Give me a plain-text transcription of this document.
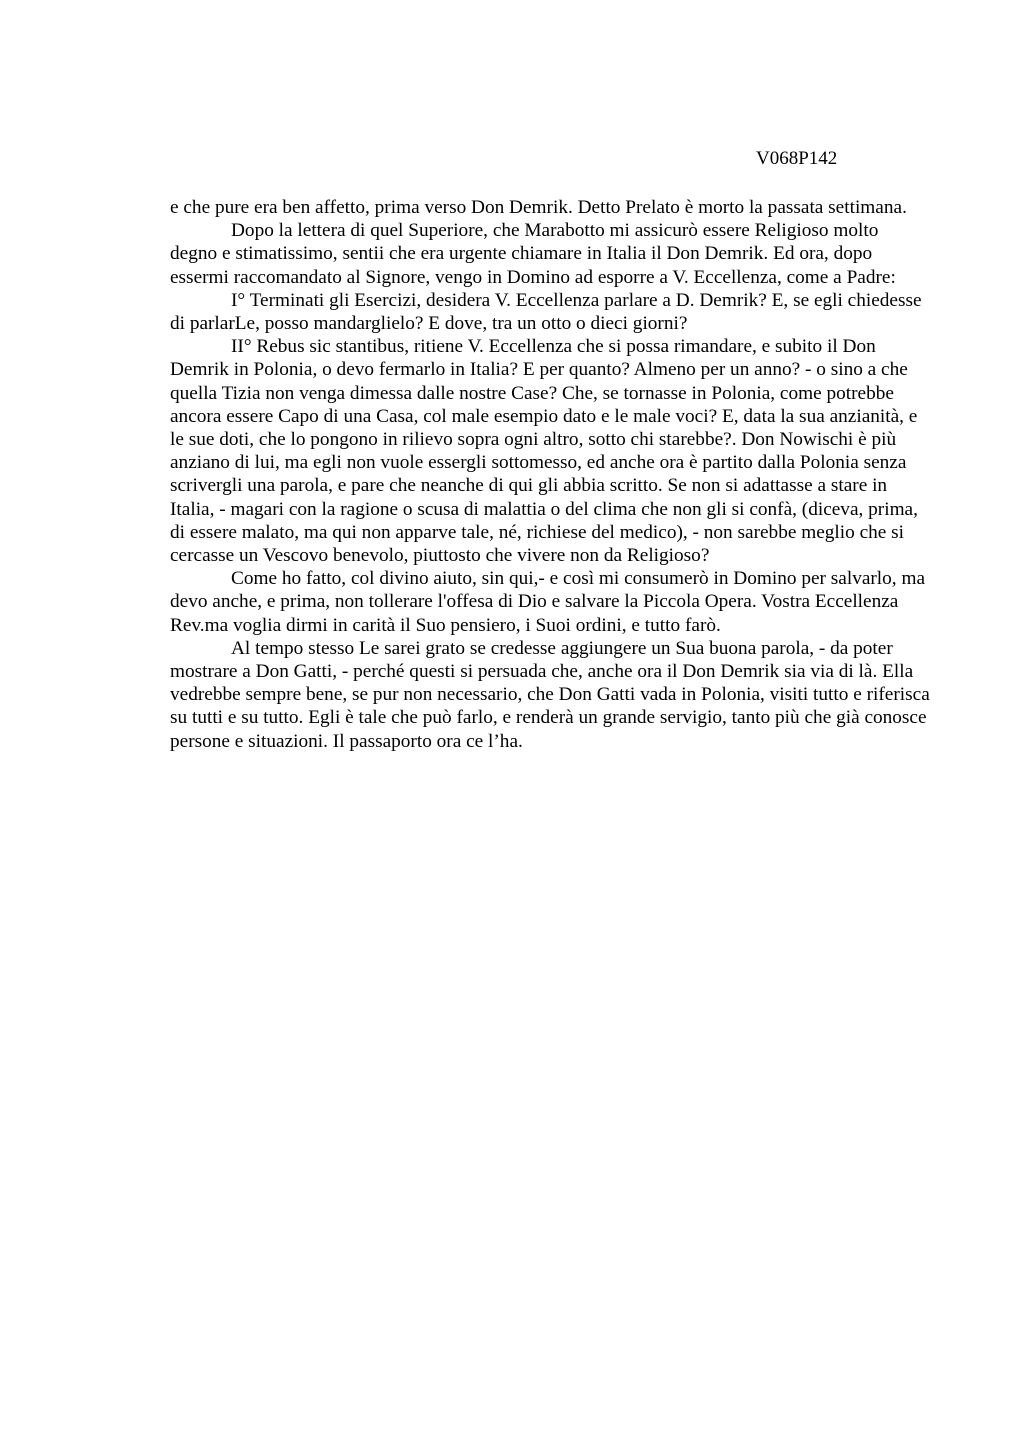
V068P142

e che pure era ben affetto, prima verso Don Demrik. Detto Prelato è morto la passata settimana.

Dopo la lettera di quel Superiore, che Marabotto mi assicurò essere Religioso molto degno e stimatissimo, sentii che era urgente chiamare in Italia il Don Demrik. Ed ora, dopo essermi raccomandato al Signore, vengo in Domino ad esporre a V. Eccellenza, come a Padre:

I° Terminati gli Esercizi, desidera V. Eccellenza parlare a D. Demrik? E, se egli chiedesse di parlarLe, posso mandarglielo? E dove, tra un otto o dieci giorni?

II° Rebus sic stantibus, ritiene V. Eccellenza che si possa rimandare, e subito il Don Demrik in Polonia, o devo fermarlo in Italia? E per quanto? Almeno per un anno? - o sino a che quella Tizia non venga dimessa dalle nostre Case? Che, se tornasse in Polonia, come potrebbe ancora essere Capo di una Casa, col male esempio dato e le male voci? E, data la sua anzianità, e le sue doti, che lo pongono in rilievo sopra ogni altro, sotto chi starebbe?. Don Nowischi è più anziano di lui, ma egli non vuole essergli sottomesso, ed anche ora è partito dalla Polonia senza scrivergli una parola, e pare che neanche di qui gli abbia scritto. Se non si adattasse a stare in Italia, - magari con la ragione o scusa di malattia o del clima che non gli si confà, (diceva, prima, di essere malato, ma qui non apparve tale, né, richiese del medico), - non sarebbe meglio che si cercasse un Vescovo benevolo, piuttosto che vivere non da Religioso?

Come ho fatto, col divino aiuto, sin qui,- e così mi consumerò in Domino per salvarlo, ma devo anche, e prima, non tollerare l'offesa di Dio e salvare la Piccola Opera. Vostra Eccellenza Rev.ma voglia dirmi in carità il Suo pensiero, i Suoi ordini, e tutto farò.

Al tempo stesso Le sarei grato se credesse aggiungere un Sua buona parola, - da poter mostrare a Don Gatti, - perché questi si persuada che, anche ora il Don Demrik sia via di là. Ella vedrebbe sempre bene, se pur non necessario, che Don Gatti vada in Polonia, visiti tutto e riferisca su tutti e su tutto. Egli è tale che può farlo, e renderà un grande servigio, tanto più che già conosce persone e situazioni. Il passaporto ora ce l’ha.
